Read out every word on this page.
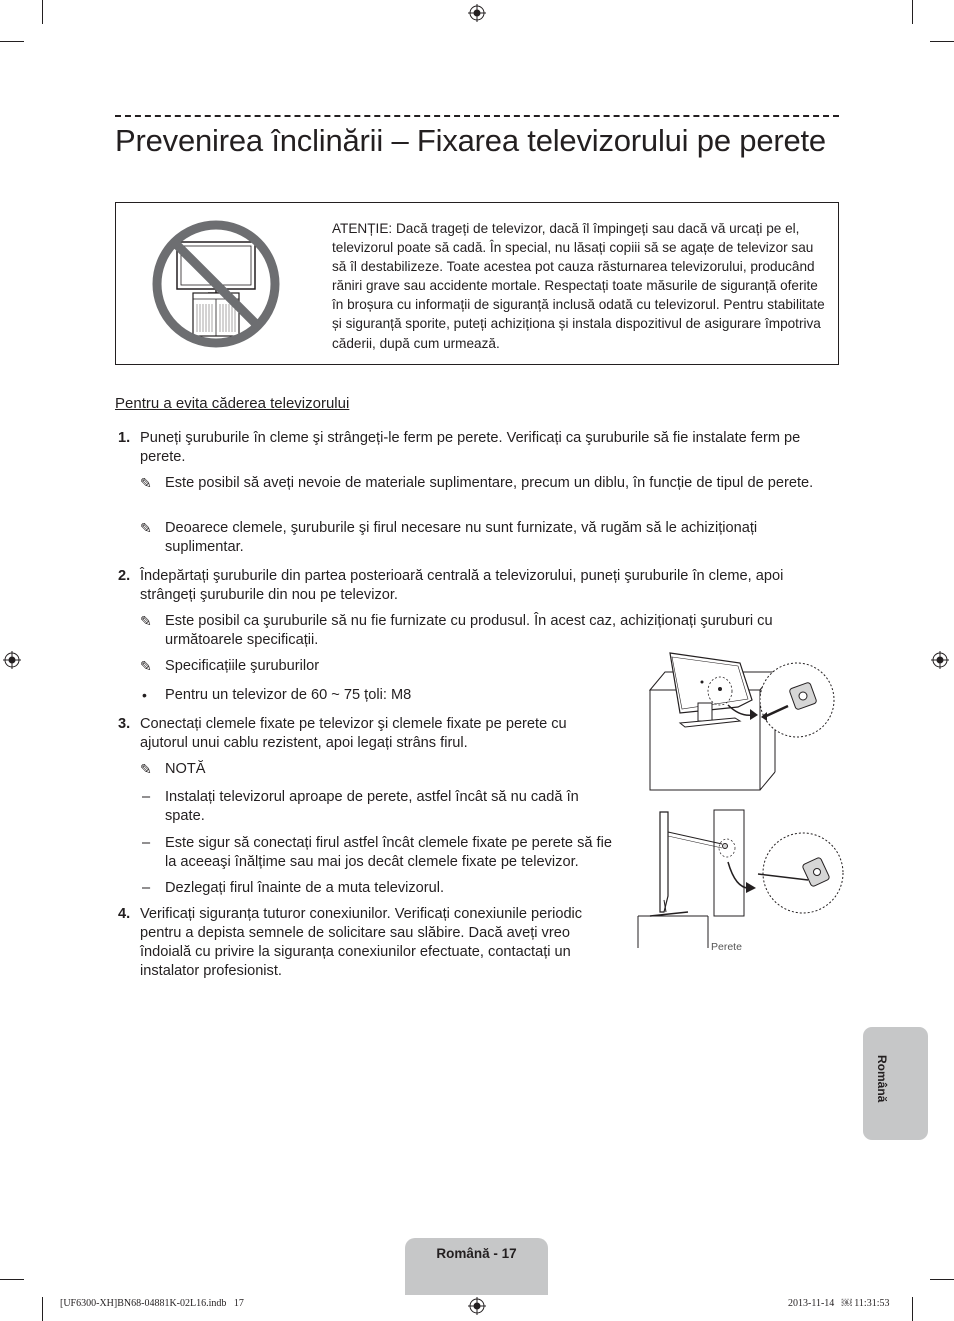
Prevenirea înclinării – Fixarea televizorului pe perete
ATENȚIE: Dacă trageți de televizor, dacă îl împingeți sau dacă vă urcați pe el, televizorul poate să cadă. În special, nu lăsați copiii să se agațe de televizor sau să îl destabilizeze. Toate acestea pot cauza răsturnarea televizorului, producând răniri grave sau accidente mortale. Respectați toate măsurile de siguranță oferite în broșura cu informații de siguranță inclusă odată cu televizorul. Pentru stabilitate și siguranță sporite, puteți achiziționa și instala dispozitivul de asigurare împotriva căderii, după cum urmează.
Pentru a evita căderea televizorului
1. Puneți şuruburile în cleme şi strângeți-le ferm pe perete. Verificați ca şuruburile să fie instalate ferm pe perete.
✎ Este posibil să aveți nevoie de materiale suplimentare, precum un diblu, în funcție de tipul de perete.
✎ Deoarece clemele, şuruburile şi firul necesare nu sunt furnizate, vă rugăm să le achiziționați suplimentar.
2. Îndepărtați şuruburile din partea posterioară centrală a televizorului, puneți şuruburile în cleme, apoi strângeți şuruburile din nou pe televizor.
✎ Este posibil ca şuruburile să nu fie furnizate cu produsul. În acest caz, achiziționați şuruburi cu următoarele specificații.
✎ Specificațiile şuruburilor
• Pentru un televizor de 60 ~ 75 țoli: M8
3. Conectați clemele fixate pe televizor şi clemele fixate pe perete cu ajutorul unui cablu rezistent, apoi legați strâns firul.
✎ NOTĂ
– Instalați televizorul aproape de perete, astfel încât să nu cadă în spate.
– Este sigur să conectați firul astfel încât clemele fixate pe perete să fie la aceeaşi înălțime sau mai jos decât clemele fixate pe televizor.
– Dezlegați firul înainte de a muta televizorul.
4. Verificați siguranța tuturor conexiunilor. Verificați conexiunile periodic pentru a depista semnele de solicitare sau slăbire. Dacă aveți vreo îndoială cu privire la siguranța conexiunilor efectuate, contactați un instalator profesionist.
Perete
Română
Română - 17
[UF6300-XH]BN68-04881K-02L16.indb   17	2013-11-14   ￼ 11:31:53
